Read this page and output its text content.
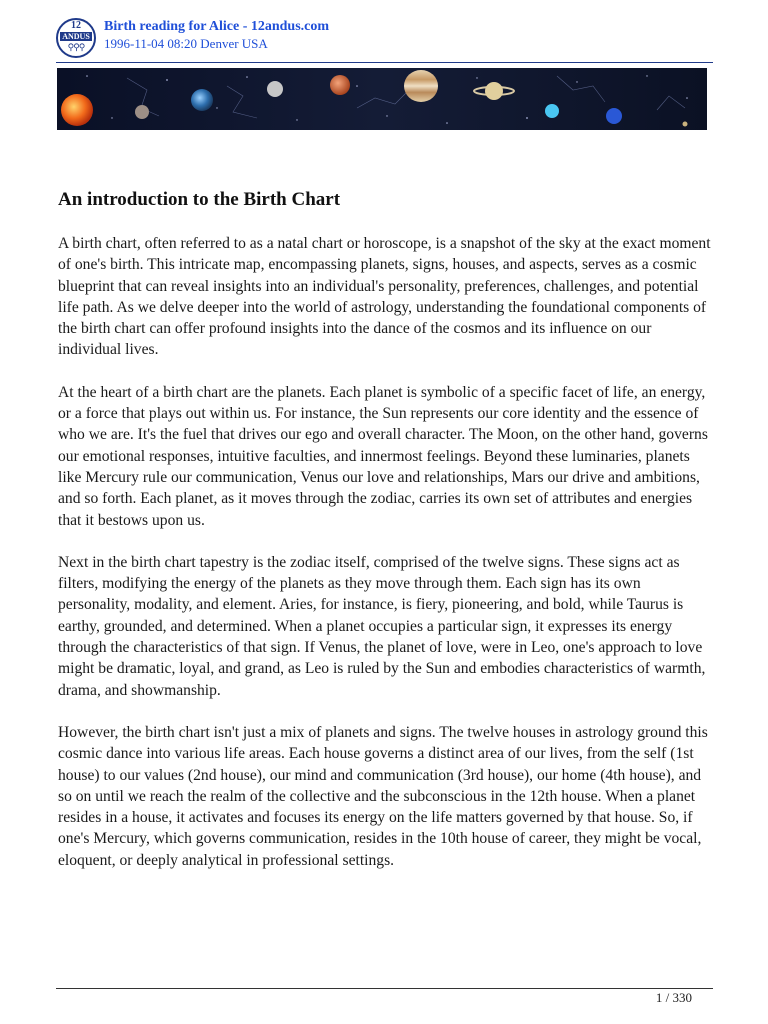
12
ANDUS
⚲⚲⚲
Birth reading for Alice - 12andus.com
1996-11-04 08:20 Denver USA
An introduction to the Birth Chart

A birth chart, often referred to as a natal chart or horoscope, is a snapshot of the sky at the exact moment of one's birth. This intricate map, encompassing planets, signs, houses, and aspects, serves as a cosmic blueprint that can reveal insights into an individual's personality, preferences, challenges, and potential life path. As we delve deeper into the world of astrology, understanding the foundational components of the birth chart can offer profound insights into the dance of the cosmos and its influence on our individual lives.

At the heart of a birth chart are the planets. Each planet is symbolic of a specific facet of life, an energy, or a force that plays out within us. For instance, the Sun represents our core identity and the essence of who we are. It's the fuel that drives our ego and overall character. The Moon, on the other hand, governs our emotional responses, intuitive faculties, and innermost feelings. Beyond these luminaries, planets like Mercury rule our communication, Venus our love and relationships, Mars our drive and ambitions, and so forth. Each planet, as it moves through the zodiac, carries its own set of attributes and energies that it bestows upon us.

Next in the birth chart tapestry is the zodiac itself, comprised of the twelve signs. These signs act as filters, modifying the energy of the planets as they move through them. Each sign has its own personality, modality, and element. Aries, for instance, is fiery, pioneering, and bold, while Taurus is earthy, grounded, and determined. When a planet occupies a particular sign, it expresses its energy through the characteristics of that sign. If Venus, the planet of love, were in Leo, one's approach to love might be dramatic, loyal, and grand, as Leo is ruled by the Sun and embodies characteristics of warmth, drama, and showmanship.

However, the birth chart isn't just a mix of planets and signs. The twelve houses in astrology ground this cosmic dance into various life areas. Each house governs a distinct area of our lives, from the self (1st house) to our values (2nd house), our mind and communication (3rd house), our home (4th house), and so on until we reach the realm of the collective and the subconscious in the 12th house. When a planet resides in a house, it activates and focuses its energy on the life matters governed by that house. So, if one's Mercury, which governs communication, resides in the 10th house of career, they might be vocal, eloquent, or deeply analytical in professional settings.

1 / 330
